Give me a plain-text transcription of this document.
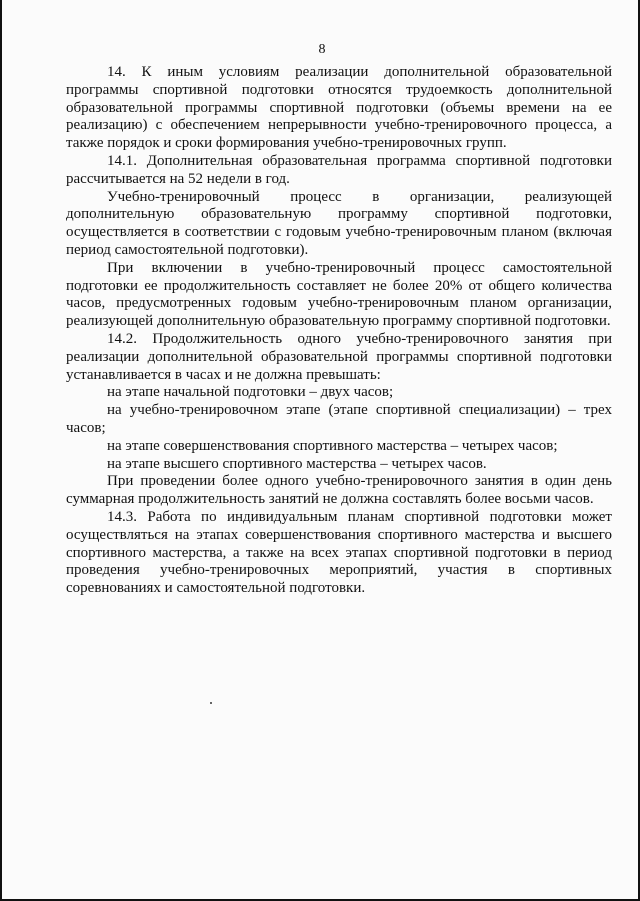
8

14. К иным условиям реализации дополнительной образовательной программы спортивной подготовки относятся трудоемкость дополнительной образовательной программы спортивной подготовки (объемы времени на ее реализацию) с обеспечением непрерывности учебно-тренировочного процесса, а также порядок и сроки формирования учебно-тренировочных групп.

14.1. Дополнительная образовательная программа спортивной подготовки рассчитывается на 52 недели в год.

Учебно-тренировочный процесс в организации, реализующей дополнительную образовательную программу спортивной подготовки, осуществляется в соответствии с годовым учебно-тренировочным планом (включая период самостоятельной подготовки).

При включении в учебно-тренировочный процесс самостоятельной подготовки ее продолжительность составляет не более 20% от общего количества часов, предусмотренных годовым учебно-тренировочным планом организации, реализующей дополнительную образовательную программу спортивной подготовки.

14.2. Продолжительность одного учебно-тренировочного занятия при реализации дополнительной образовательной программы спортивной подготовки устанавливается в часах и не должна превышать:

на этапе начальной подготовки – двух часов;

на учебно-тренировочном этапе (этапе спортивной специализации) – трех часов;

на этапе совершенствования спортивного мастерства – четырех часов;

на этапе высшего спортивного мастерства – четырех часов.

При проведении более одного учебно-тренировочного занятия в один день суммарная продолжительность занятий не должна составлять более восьми часов.

14.3. Работа по индивидуальным планам спортивной подготовки может осуществляться на этапах совершенствования спортивного мастерства и высшего спортивного мастерства, а также на всех этапах спортивной подготовки в период проведения учебно-тренировочных мероприятий, участия в спортивных соревнованиях и самостоятельной подготовки.
